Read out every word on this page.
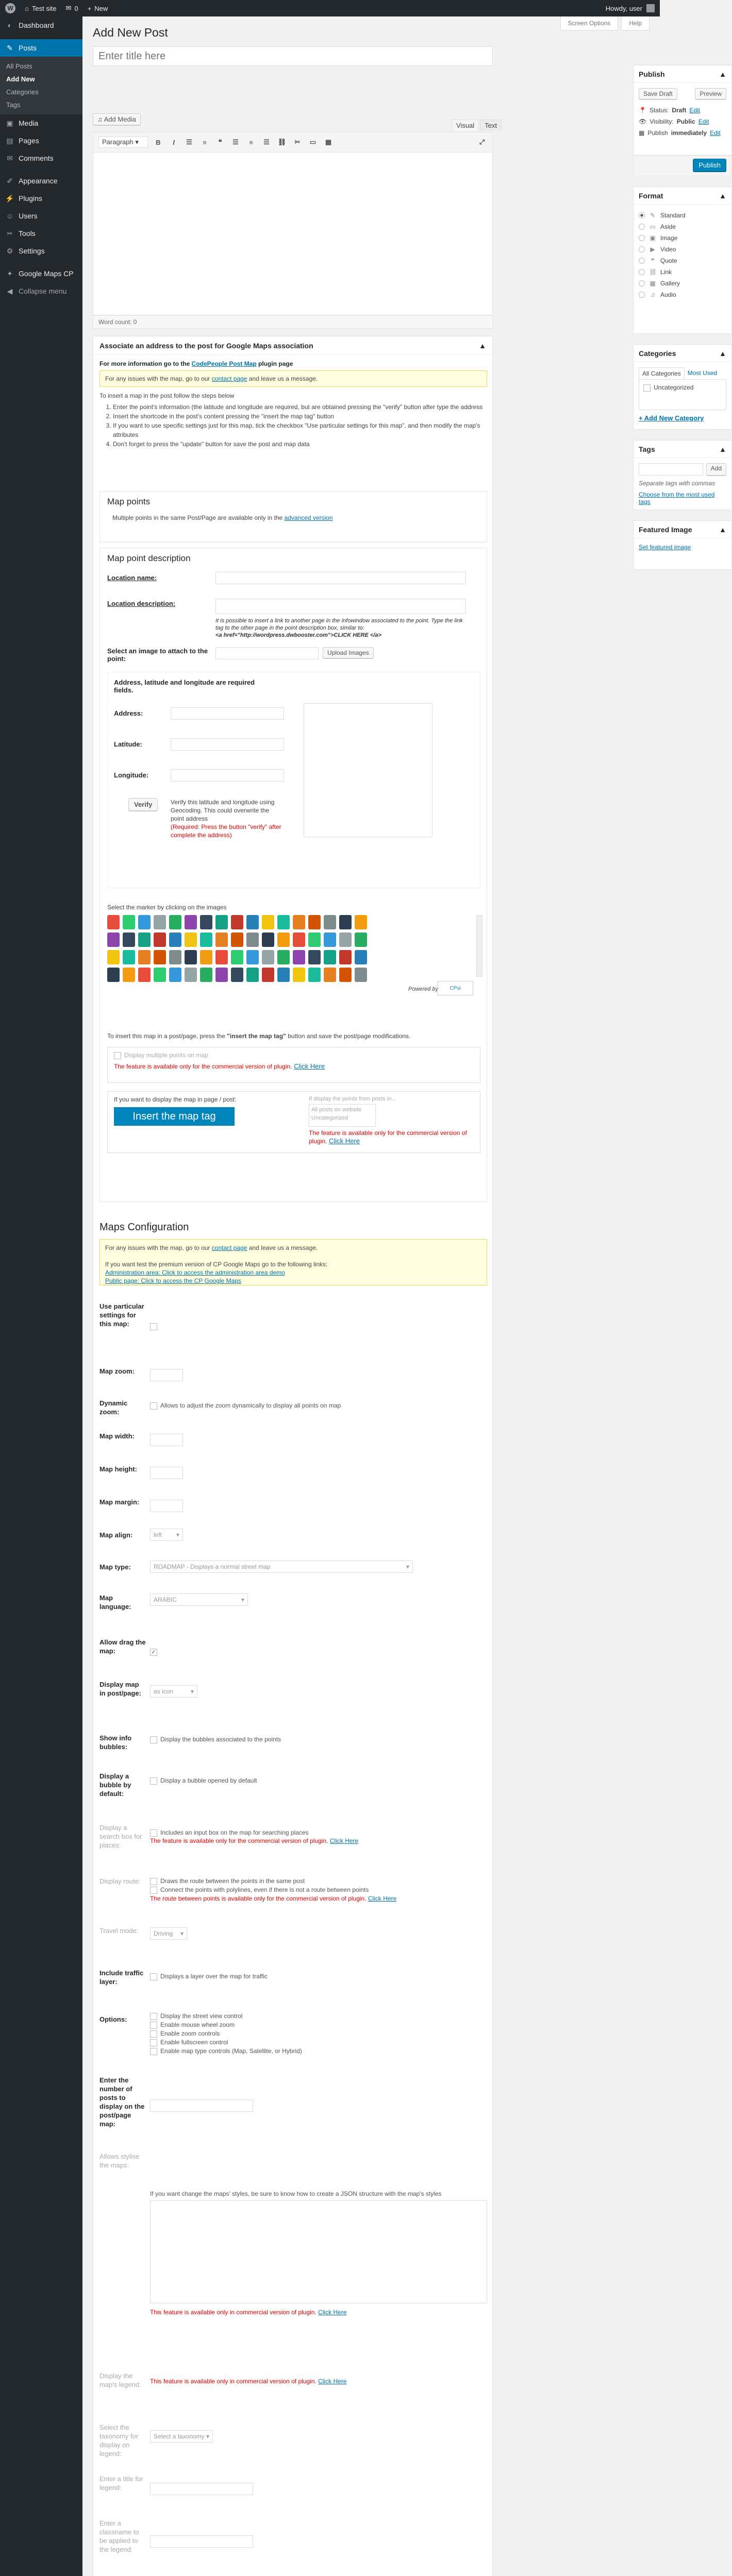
W	⌂ Test site ✉ 0 + New	Howdy, user
◐ Dashboard
✎ Posts
All Posts
Add New
Categories
Tags
▣ Media
▤ Pages
✉ Comments
✐ Appearance
⚡ Plugins
☺ Users
✂ Tools
⚙ Settings
✦ Google Maps CP
◀ Collapse menu
Screen Options	Help
Add New Post
Enter title here
♫ Add Media
Visual	Text
Paragraph ▾	B	I	☰	≡	❝	☰	≡	☰	⛓	✂	▭ ▦	⤢
Word count: 0
Associate an address to the post for Google Maps association	▲
For more information go to the CodePeople Post Map plugin page
For any issues with the map, go to our contact page and leave us a message.
To insert a map in the post follow the steps below
1. Enter the point's information (the latitude and longitude are required, but are obtained pressing the "verify" button after type the address
2. Insert the shortcode in the post's content pressing the "insert the map tag" button
3. If you want to use specific settings just for this map, tick the checkbox "Use particular settings for this map", and then modify the map's attributes
4. Don't forget to press the "update" button for save the post and map data
Map points
Multiple points in the same Post/Page are available only in the advanced version
Map point description
Location name:
Location description:
It is possible to insert a link to another page in the infowindow associated to the point. Type the link tag to the other page in the point description box, similar to:
<a href="http://wordpress.dwbooster.com">CLICK HERE </a>
Select an image to attach to the point:
Upload Images
Address, latitude and longitude are required fields.
Address:
Latitude:
Longitude:
Verify	Verify this latitude and longitude using Geocoding. This could overwrite the point address
(Required: Press the button "verify" after complete the address)
Select the marker by clicking on the images
Powered by CPsi
To insert this map in a post/page, press the "insert the map tag" button and save the post/page modifications.
Display multiple points on map
The feature is available only for the commercial version of plugin. Click Here
If you want to display the map in page / post:
Insert the map tag
If display the points from posts in...
All posts on website
Uncategorized
The feature is available only for the commercial version of plugin. Click Here
Maps Configuration
For any issues with the map, go to our contact page and leave us a message.
If you want test the premium version of CP Google Maps go to the following links:
Administration area: Click to access the administration area demo
Public page: Click to access the CP Google Maps
Use particular settings for this map:
Map zoom:
Dynamic zoom:
Allows to adjust the zoom dynamically to display all points on map
Map width:
Map height:
Map margin:
Map align:	left ▾
Map type:	ROADMAP - Displays a normal street map	▾
Map language:
ARABIC	▾
Allow drag the map:	✓
Display map in post/page:	as icon	▾
Show info bubbles:
Display the bubbles associated to the points
Display a bubble by default:
Display a bubble opened by default
Display a search box for places:
Includes an input box on the map for searching places
The feature is available only for the commercial version of plugin. Click Here
Display route:	Draws the route between the points in the same post
Connect the points with polylines, even if there is not a route between points
The route between points is available only for the commercial version of plugin. Click Here
Travel mode:	Driving ▾
Include traffic layer:
Displays a layer over the map for traffic
Options:	Display the street view control
Enable mouse wheel zoom
Enable zoom controls
Enable fullscreen control
Enable map type controls (Map, Satellite, or Hybrid)
Enter the number of posts to display on the post/page map:
Allows stylise the maps:
If you want change the maps' styles, be sure to know how to create a JSON structure with the map's styles
This feature is available only in commercial version of plugin. Click Here
Display the map's legend:	This feature is available only in commercial version of plugin. Click Here
Select the taxonomy for display on legend:
Select a taxonomy ▾
Enter a title for legend:
Enter a classname to be applied to the legend:
Publish	▲
Save Draft	Preview
📍 Status: Draft Edit
👁 Visibility: Public Edit
▦ Publish immediately Edit
Publish
Format	▲
✎ Standard
▭ Aside
▣ Image
▶ Video
❝ Quote
⛓ Link
▦ Gallery
♫ Audio
Categories	▲
All Categories	Most Used
Uncategorized
+ Add New Category
Tags	▲
Add
Separate tags with commas
Choose from the most used tags
Featured Image	▲
Set featured image
